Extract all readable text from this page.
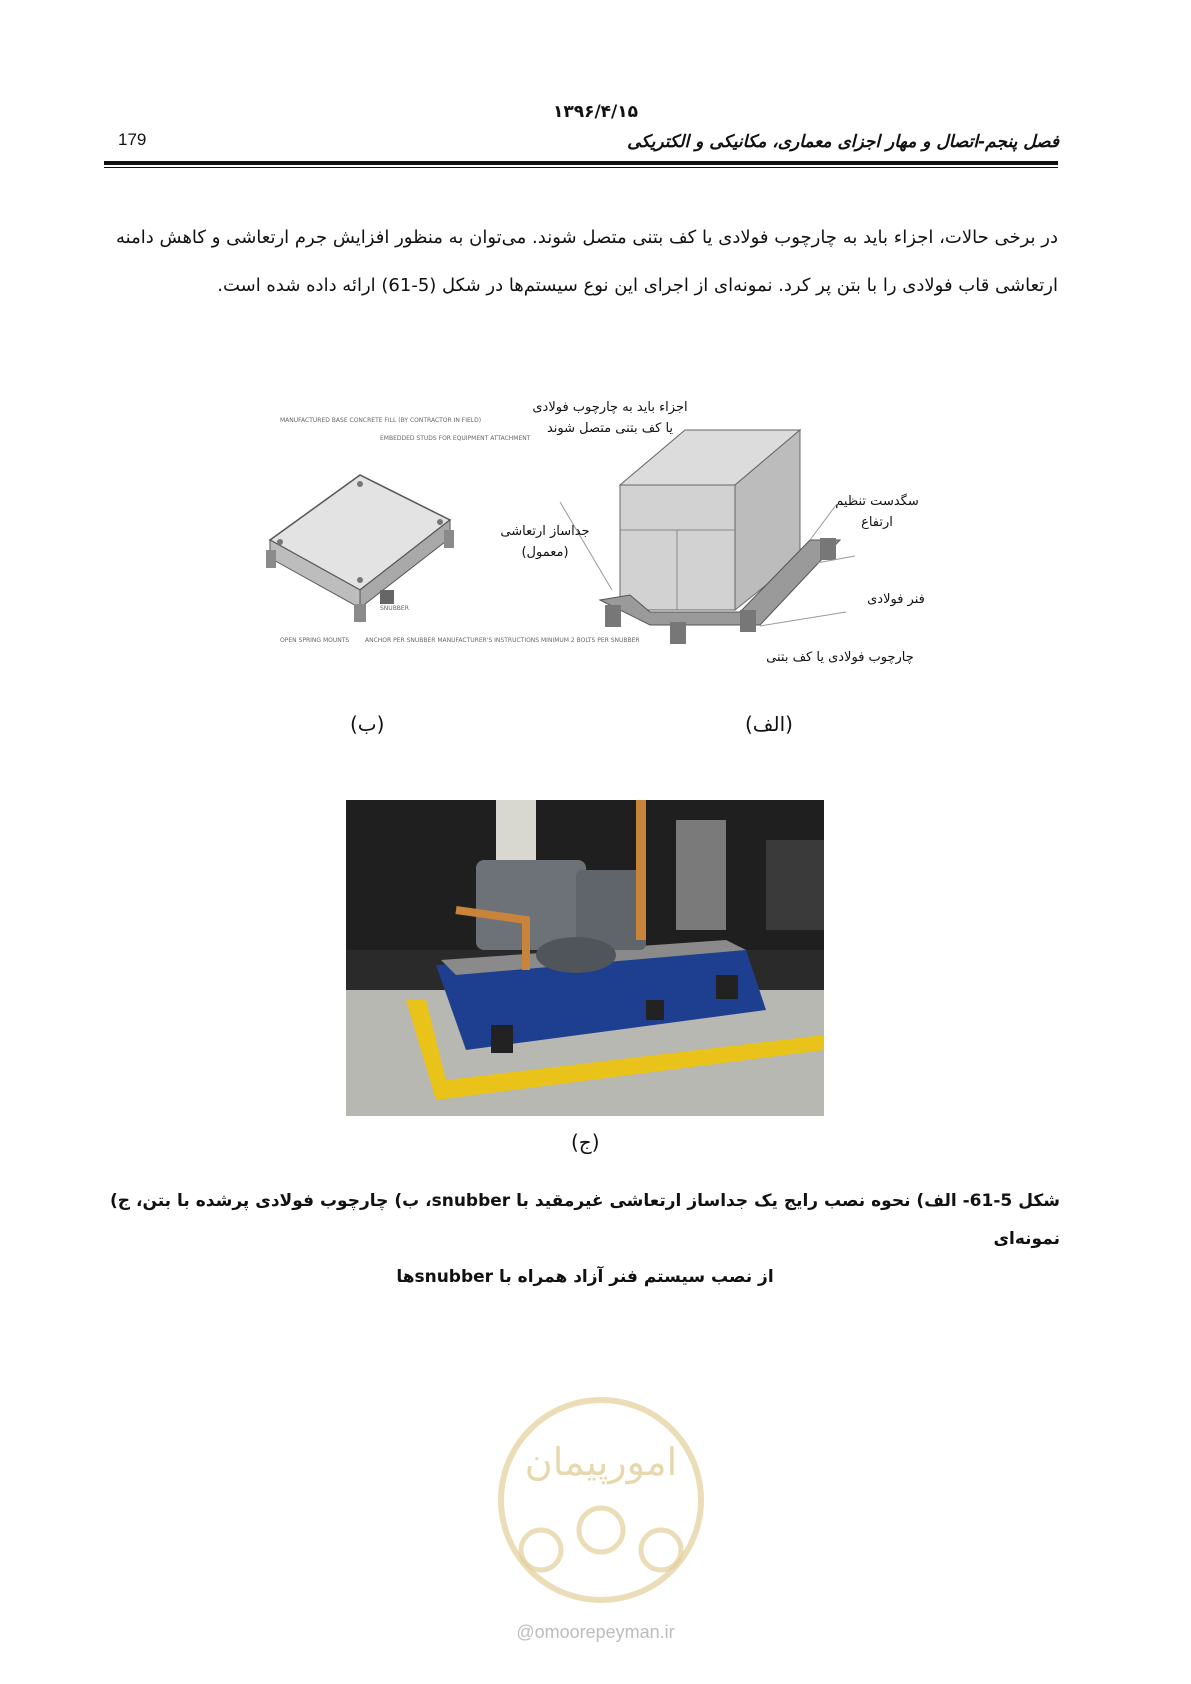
۱۳۹۶/۴/۱۵
179	فصل پنجم-اتصال و مهار اجزای معماری، مکانیکی و الکتریکی
در برخی حالات، اجزاء باید به چارچوب فولادی یا کف بتنی متصل شوند. می‌توان به منظور افزایش جرم ارتعاشی و کاهش دامنه ارتعاشی قاب فولادی را با بتن پر کرد. نمونه‌ای از اجرای این نوع سیستم‌ها در شکل (5-61) ارائه داده شده است.
MANUFACTURED BASE CONCRETE FILL (BY CONTRACTOR IN FIELD)
EMBEDDED STUDS FOR EQUIPMENT ATTACHMENT
SNUBBER
OPEN SPRING MOUNTS	ANCHOR PER SNUBBER MANUFACTURER'S INSTRUCTIONS MINIMUM 2 BOLTS PER SNUBBER
اجزاء باید به چارچوب فولادی
یا کف بتنی متصل شوند
جداساز ارتعاشی
(معمول)
سگدست تنظیم
ارتفاع
فنر فولادی
چارچوب فولادی یا کف بتنی
(الف)
(ب)
(ج)
شکل 5-61- الف) نحوه نصب رایج یک جداساز ارتعاشی غیرمقید با snubber، ب) چارچوب فولادی پرشده با بتن، ج) نمونه‌ای
از نصب سیستم فنر آزاد همراه با snubberها
امورپیمان
@omoorepeyman.ir
